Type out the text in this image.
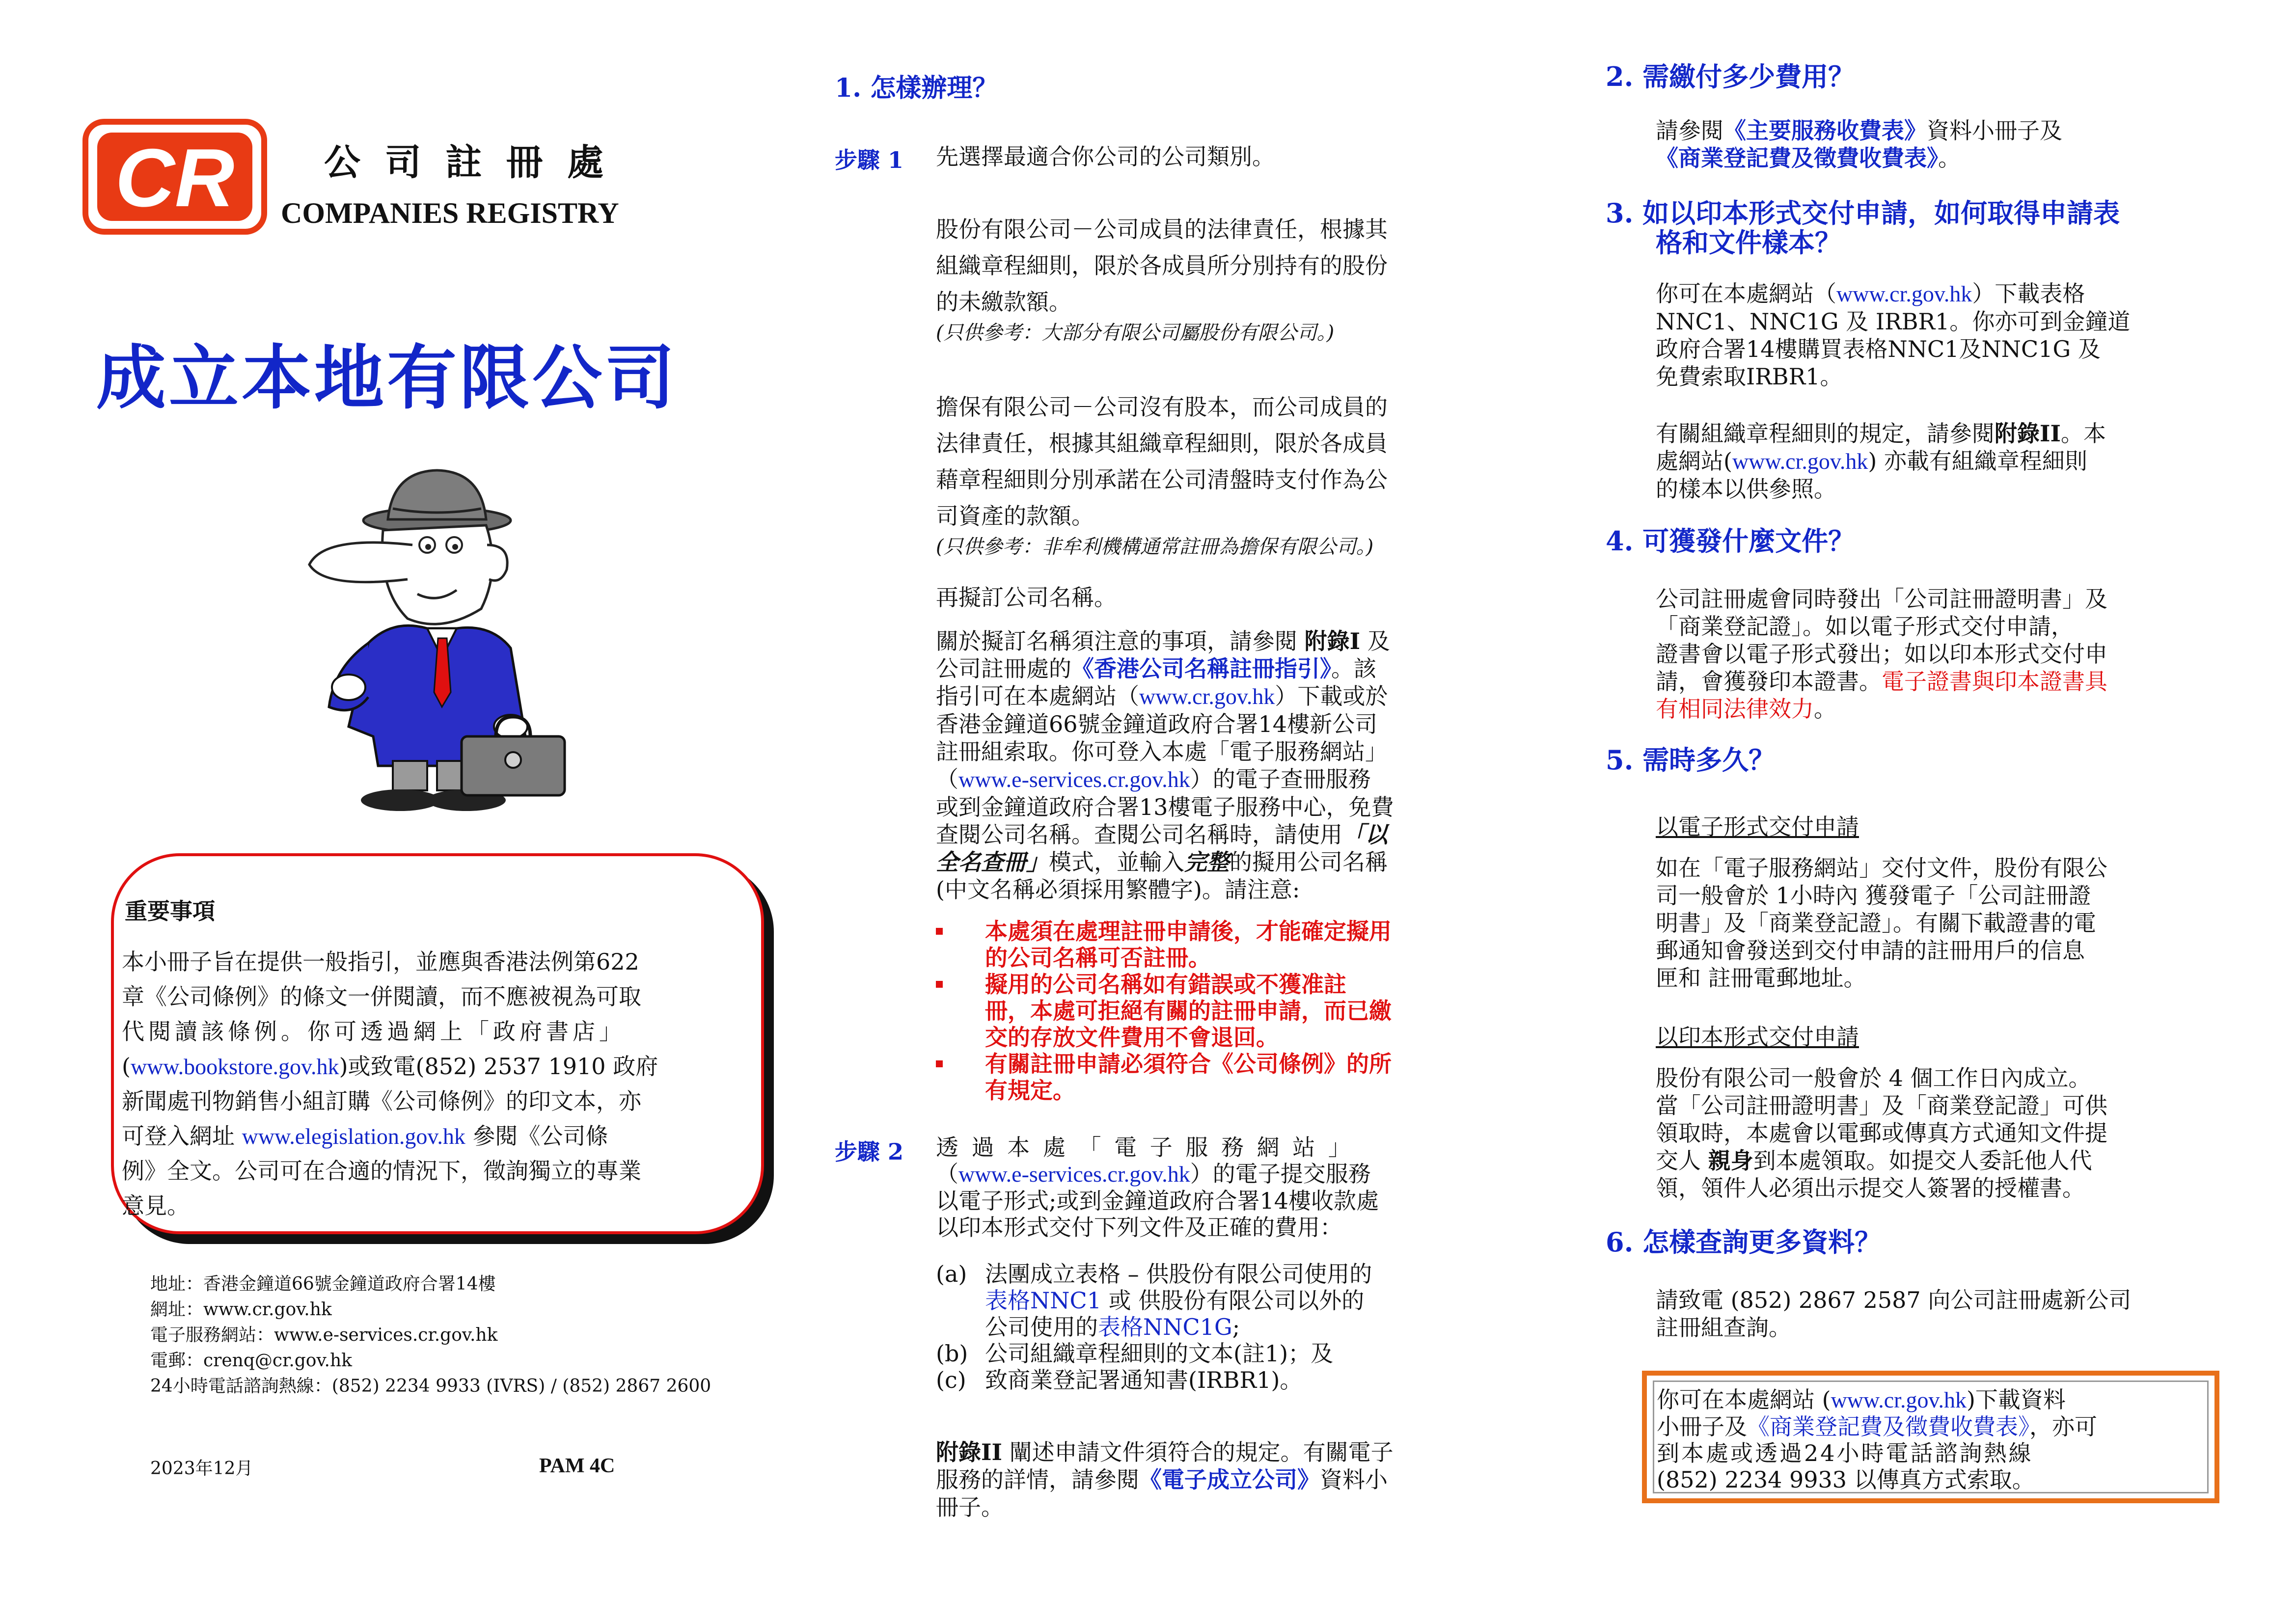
CR 公 司 註 冊 處
COMPANIES REGISTRY
成立本地有限公司
重要事項
本小冊子旨在提供一般指引，並應與香港法例第622
章《公司條例》的條文一併閱讀，而不應被視為可取
代閱讀該條例。你可透過網上「政府書店」
(www.bookstore.gov.hk)或致電(852) 2537 1910 政府
新聞處刊物銷售小組訂購《公司條例》的印文本，亦
可登入網址 www.elegislation.gov.hk 參閱《公司條
例》全文。公司可在合適的情況下，徵詢獨立的專業
意見。
地址：香港金鐘道66號金鐘道政府合署14樓
網址：www.cr.gov.hk
電子服務網站：www.e-services.cr.gov.hk
電郵：crenq@cr.gov.hk
24小時電話諮詢熱線：(852) 2234 9933 (IVRS) / (852) 2867 2600
2023年12月	PAM 4C
1. 怎樣辦理？
步驟 1 先選擇最適合你公司的公司類別。
股份有限公司－公司成員的法律責任，根據其
組織章程細則，限於各成員所分別持有的股份
的未繳款額。
(只供參考：大部分有限公司屬股份有限公司。)
擔保有限公司－公司沒有股本，而公司成員的
法律責任，根據其組織章程細則，限於各成員
藉章程細則分別承諾在公司清盤時支付作為公
司資產的款額。
(只供參考：非牟利機構通常註冊為擔保有限公司。)
再擬訂公司名稱。
關於擬訂名稱須注意的事項，請參閱 附錄I 及
公司註冊處的《香港公司名稱註冊指引》。該
指引可在本處網站（www.cr.gov.hk）下載或於
香港金鐘道66號金鐘道政府合署14樓新公司
註冊組索取。你可登入本處「電子服務網站」
（www.e-services.cr.gov.hk）的電子查冊服務
或到金鐘道政府合署13樓電子服務中心，免費
查閱公司名稱。查閱公司名稱時，請使用「以
全名查冊」模式，並輸入完整的擬用公司名稱
(中文名稱必須採用繁體字)。請注意:
本處須在處理註冊申請後，才能確定擬用
的公司名稱可否註冊。
擬用的公司名稱如有錯誤或不獲准註
冊，本處可拒絕有關的註冊申請，而已繳
交的存放文件費用不會退回。
有關註冊申請必須符合《公司條例》的所
有規定。
步驟 2 透 過 本 處 「 電 子 服 務 網 站 」
（www.e-services.cr.gov.hk）的電子提交服務
以電子形式;或到金鐘道政府合署14樓收款處
以印本形式交付下列文件及正確的費用：
(a) 法團成立表格 – 供股份有限公司使用的
表格NNC1 或 供股份有限公司以外的
公司使用的表格NNC1G;
(b) 公司組織章程細則的文本(註1)；及
(c) 致商業登記署通知書(IRBR1)。
附錄II 闡述申請文件須符合的規定。有關電子
服務的詳情，請參閱《電子成立公司》資料小
冊子。
2. 需繳付多少費用？
請參閱《主要服務收費表》資料小冊子及
《商業登記費及徵費收費表》。
3. 如以印本形式交付申請，如何取得申請表
格和文件樣本？
你可在本處網站（www.cr.gov.hk）下載表格
NNC1、NNC1G 及 IRBR1。你亦可到金鐘道
政府合署14樓購買表格NNC1及NNC1G 及
免費索取IRBR1。
有關組織章程細則的規定，請參閱附錄II。本
處網站(www.cr.gov.hk) 亦載有組織章程細則
的樣本以供參照。
4. 可獲發什麼文件？
公司註冊處會同時發出「公司註冊證明書」及
「商業登記證」。如以電子形式交付申請，
證書會以電子形式發出；如以印本形式交付申
請，會獲發印本證書。電子證書與印本證書具
有相同法律效力。
5. 需時多久？
以電子形式交付申請
如在「電子服務網站」交付文件，股份有限公
司一般會於 1小時內 獲發電子「公司註冊證
明書」及「商業登記證」。有關下載證書的電
郵通知會發送到交付申請的註冊用戶的信息
匣和 註冊電郵地址。
以印本形式交付申請
股份有限公司一般會於 4 個工作日內成立。
當「公司註冊證明書」及「商業登記證」可供
領取時，本處會以電郵或傳真方式通知文件提
交人 親身到本處領取。如提交人委託他人代
領，領件人必須出示提交人簽署的授權書。
6. 怎樣查詢更多資料？
請致電 (852) 2867 2587 向公司註冊處新公司
註冊組查詢。
你可在本處網站 (www.cr.gov.hk)下載資料
小冊子及《商業登記費及徵費收費表》，亦可
到本處或透過24小時電話諮詢熱線
(852) 2234 9933 以傳真方式索取。
